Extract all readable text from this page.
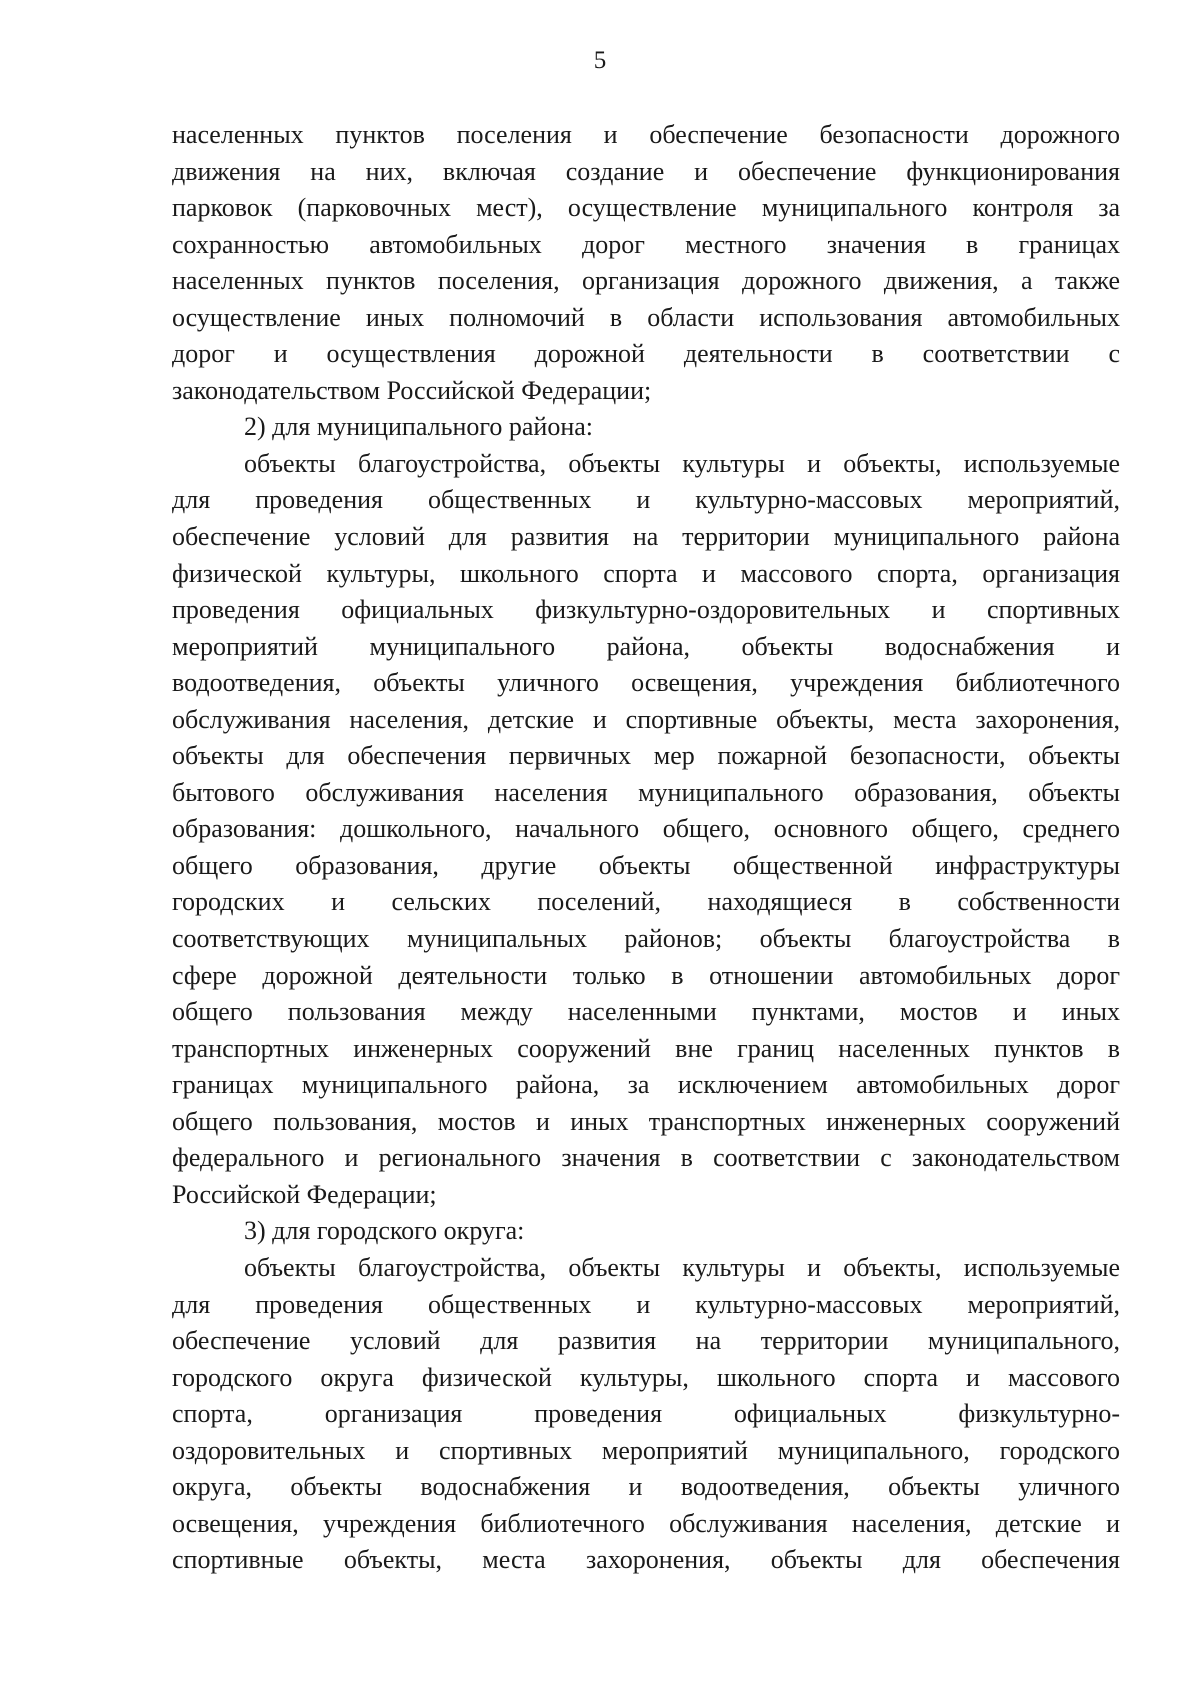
5
населенных пунктов поселения и обеспечение безопасности дорожного
движения на них, включая создание и обеспечение функционирования
парковок (парковочных мест), осуществление муниципального контроля за
сохранностью автомобильных дорог местного значения в границах
населенных пунктов поселения, организация дорожного движения, а также
осуществление иных полномочий в области использования автомобильных
дорог и осуществления дорожной деятельности в соответствии с
законодательством Российской Федерации;
2) для муниципального района:
объекты благоустройства, объекты культуры и объекты, используемые
для проведения общественных и культурно-массовых мероприятий,
обеспечение условий для развития на территории муниципального района
физической культуры, школьного спорта и массового спорта, организация
проведения официальных физкультурно-оздоровительных и спортивных
мероприятий муниципального района, объекты водоснабжения и
водоотведения, объекты уличного освещения, учреждения библиотечного
обслуживания населения, детские и спортивные объекты, места захоронения,
объекты для обеспечения первичных мер пожарной безопасности, объекты
бытового обслуживания населения муниципального образования, объекты
образования: дошкольного, начального общего, основного общего, среднего
общего образования, другие объекты общественной инфраструктуры
городских и сельских поселений, находящиеся в собственности
соответствующих муниципальных районов; объекты благоустройства в
сфере дорожной деятельности только в отношении автомобильных дорог
общего пользования между населенными пунктами, мостов и иных
транспортных инженерных сооружений вне границ населенных пунктов в
границах муниципального района, за исключением автомобильных дорог
общего пользования, мостов и иных транспортных инженерных сооружений
федерального и регионального значения в соответствии с законодательством
Российской Федерации;
3) для городского округа:
объекты благоустройства, объекты культуры и объекты, используемые
для проведения общественных и культурно-массовых мероприятий,
обеспечение условий для развития на территории муниципального,
городского округа физической культуры, школьного спорта и массового
спорта, организация проведения официальных физкультурно-
оздоровительных и спортивных мероприятий муниципального, городского
округа, объекты водоснабжения и водоотведения, объекты уличного
освещения, учреждения библиотечного обслуживания населения, детские и
спортивные объекты, места захоронения, объекты для обеспечения
